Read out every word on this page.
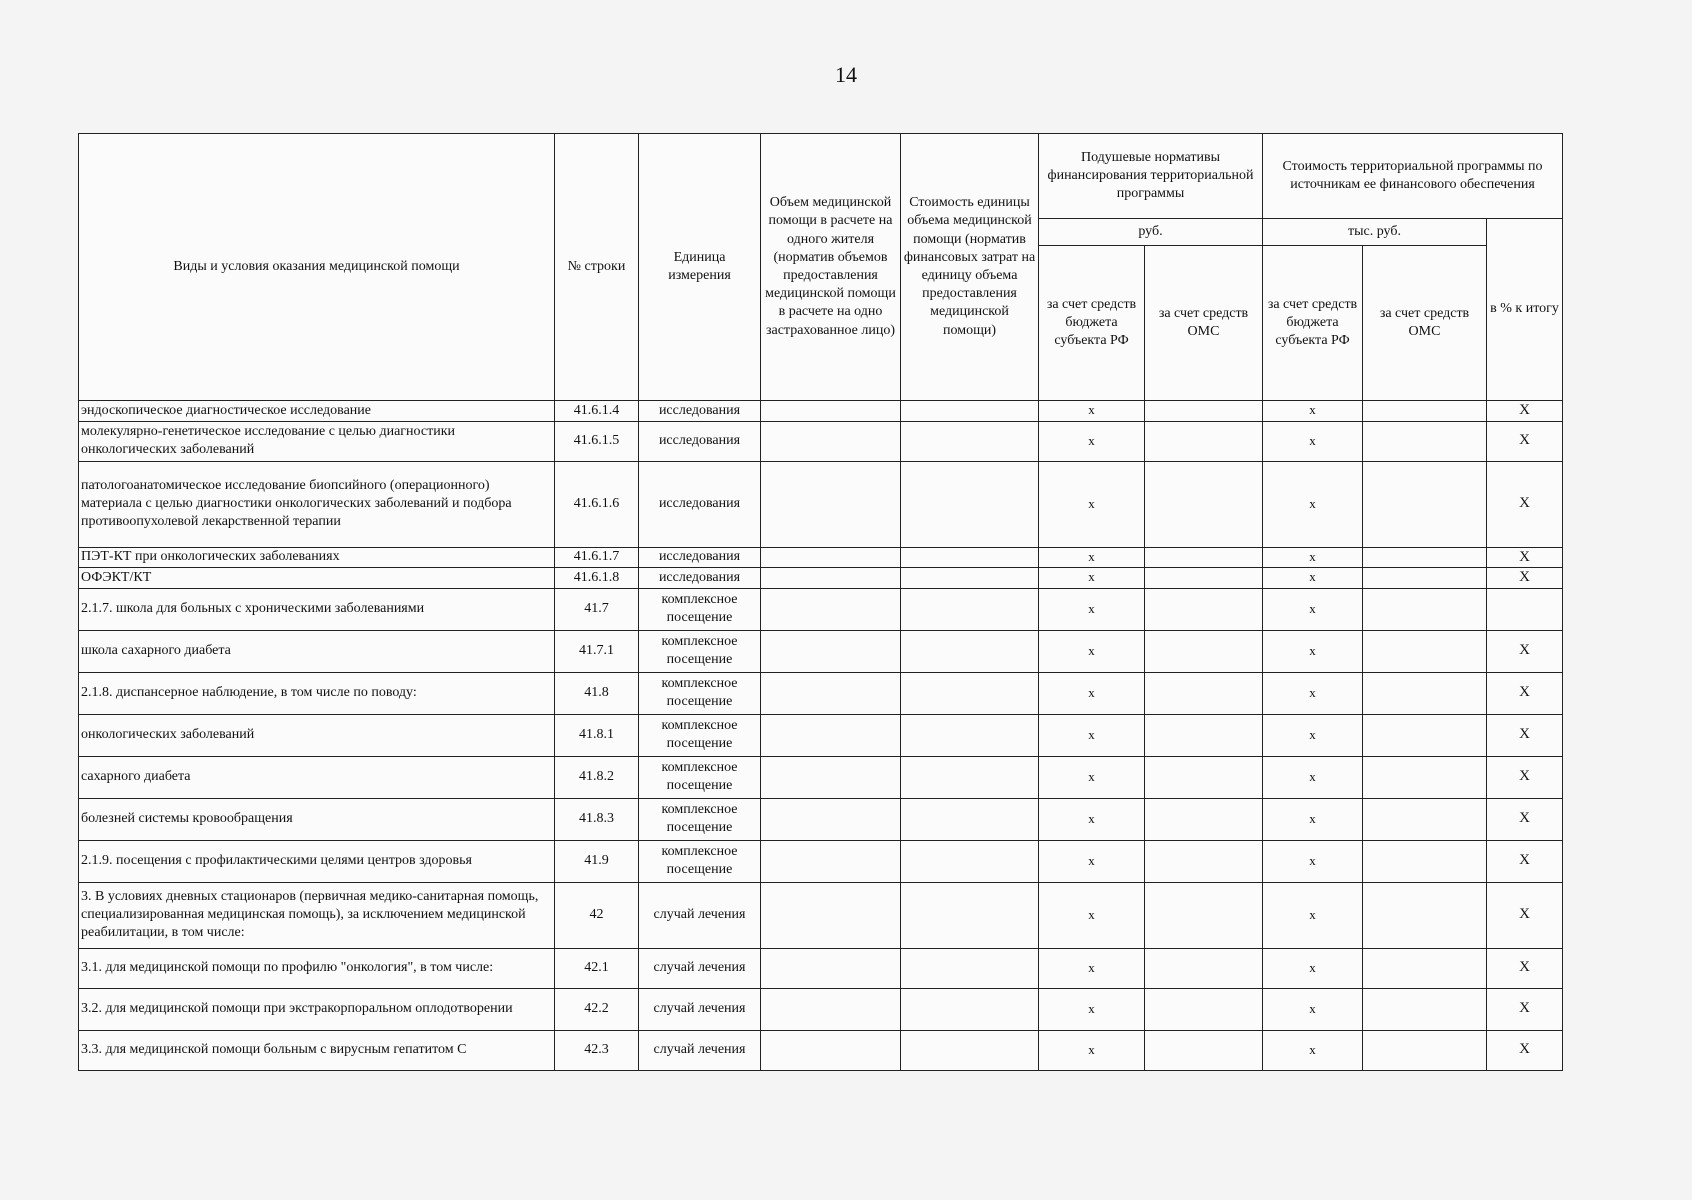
14
Виды и условия оказания медицинской помощи	№ строки	Единица измерения	Объем медицинской помощи в расчете на одного жителя (норматив объемов предоставления медицинской помощи в расчете на одно застрахованное лицо)	Стоимость единицы объема медицинской помощи (норматив финансовых затрат на единицу объема предоставления медицинской помощи)	Подушевые нормативы финансирования территориальной программы		Стоимость территориальной программы по источникам ее финансового обеспечения		
					руб.		тыс. руб.		в % к итогу
					за счет средств бюджета субъекта РФ	за счет средств ОМС	за счет средств бюджета субъекта РФ	за счет средств ОМС	
эндоскопическое диагностическое исследование	41.6.1.4	исследования			x		x		X
молекулярно-генетическое исследование с целью диагностики онкологических заболеваний	41.6.1.5	исследования			x		x		X
патологоанатомическое исследование биопсийного (операционного) материала с целью диагностики онкологических заболеваний и подбора противоопухолевой лекарственной терапии	41.6.1.6	исследования			x		x		X
ПЭТ-КТ при онкологических заболеваниях	41.6.1.7	исследования			x		x		X
ОФЭКТ/КТ	41.6.1.8	исследования			x		x		X
2.1.7. школа для больных с хроническими заболеваниями	41.7	комплексное посещение			x		x		
школа сахарного диабета	41.7.1	комплексное посещение			x		x		X
2.1.8. диспансерное наблюдение, в том числе по поводу:	41.8	комплексное посещение			x		x		X
онкологических заболеваний	41.8.1	комплексное посещение			x		x		X
сахарного диабета	41.8.2	комплексное посещение			x		x		X
болезней системы кровообращения	41.8.3	комплексное посещение			x		x		X
2.1.9. посещения с профилактическими целями центров здоровья	41.9	комплексное посещение			x		x		X
3. В условиях дневных стационаров (первичная медико-санитарная помощь, специализированная медицинская помощь), за исключением медицинской реабилитации, в том числе:	42	случай лечения			x		x		X
3.1. для медицинской помощи по профилю "онкология", в том числе:	42.1	случай лечения			x		x		X
3.2. для медицинской помощи при экстракорпоральном оплодотворении	42.2	случай лечения			x		x		X
3.3. для медицинской помощи больным с вирусным гепатитом С	42.3	случай лечения			x		x		X
